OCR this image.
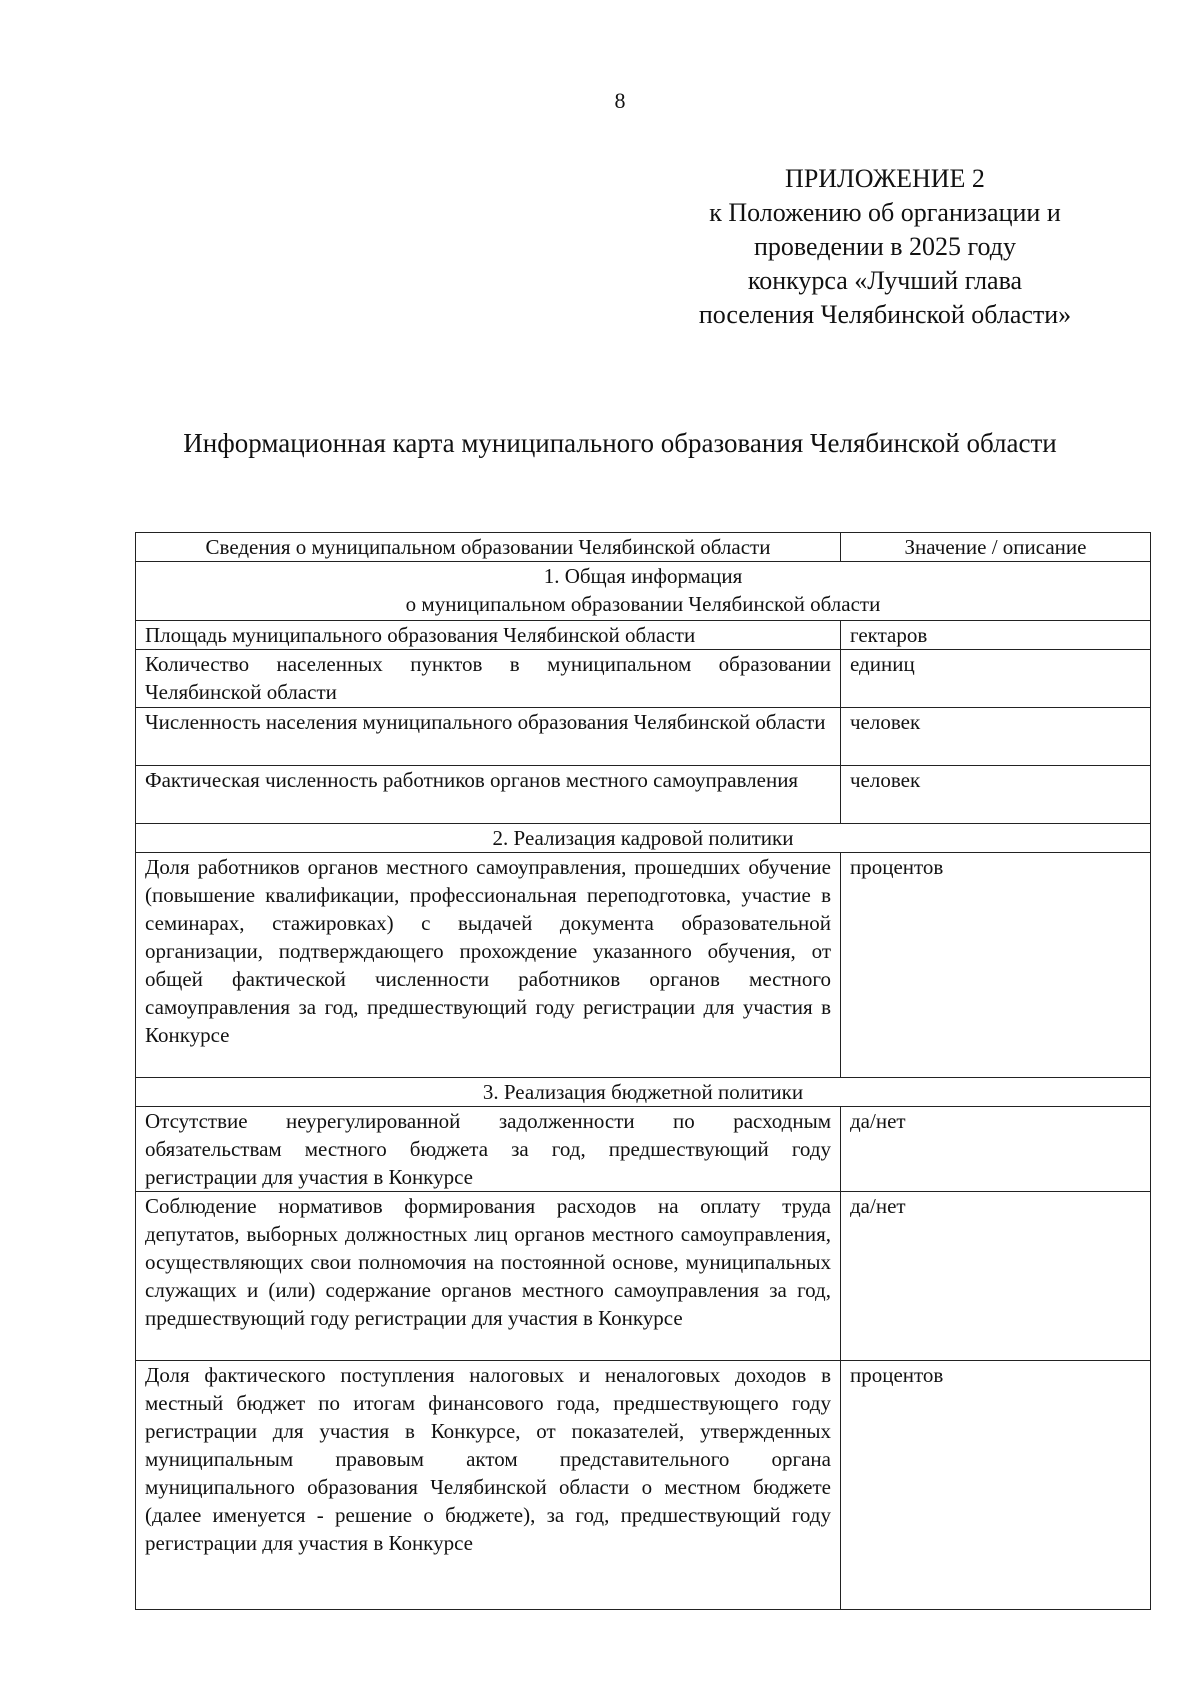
8
ПРИЛОЖЕНИЕ 2
к Положению об организации и
проведении в 2025 году
конкурса «Лучший глава
поселения Челябинской области»
Информационная карта муниципального образования Челябинской области
Сведения о муниципальном образовании Челябинской области	Значение / описание

1. Общая информация
о муниципальном образовании Челябинской области	

Площадь муниципального образования Челябинской области	гектаров
Количество населенных пунктов в муниципальном образовании Челябинской области	единиц
Численность населения муниципального образования Челябинской области	человек
Фактическая численность работников органов местного самоуправления	человек
2. Реализация кадровой политики	
Доля работников органов местного самоуправления, прошедших обучение (повышение квалификации, профессиональная переподготовка, участие в семинарах, стажировках) с выдачей документа образовательной организации, подтверждающего прохождение указанного обучения, от общей фактической численности работников органов местного самоуправления за год, предшествующий году регистрации для участия в Конкурсе	процентов
3. Реализация бюджетной политики	
Отсутствие неурегулированной задолженности по расходным обязательствам местного бюджета за год, предшествующий году регистрации для участия в Конкурсе	да/нет
Соблюдение нормативов формирования расходов на оплату труда депутатов, выборных должностных лиц органов местного самоуправления, осуществляющих свои полномочия на постоянной основе, муниципальных служащих и (или) содержание органов местного самоуправления за год, предшествующий году регистрации для участия в Конкурсе	да/нет
Доля фактического поступления налоговых и неналоговых доходов в местный бюджет по итогам финансового года, предшествующего году регистрации для участия в Конкурсе, от показателей, утвержденных муниципальным правовым актом представительного органа муниципального образования Челябинской области о местном бюджете (далее именуется - решение о бюджете), за год, предшествующий году регистрации для участия в Конкурсе	процентов
